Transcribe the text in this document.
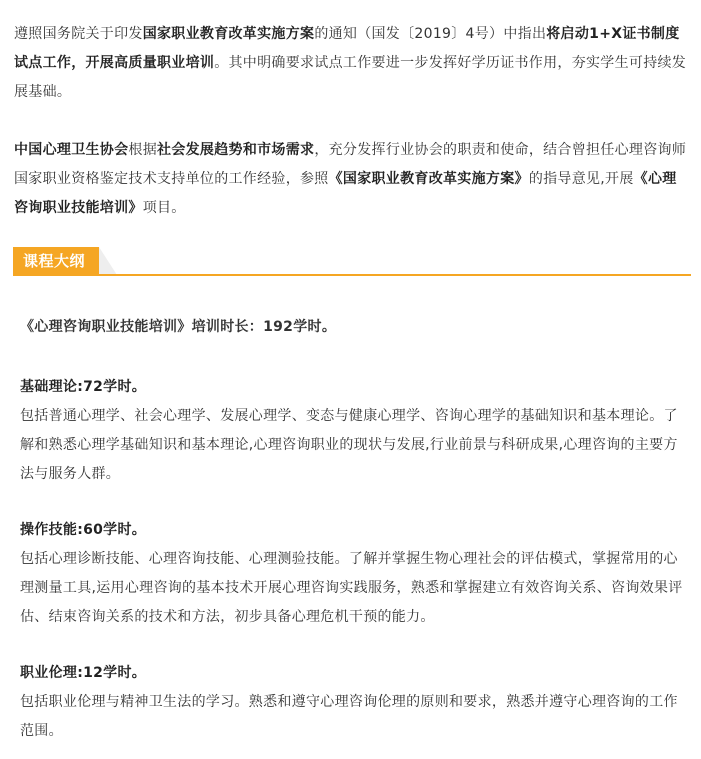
遵照国务院关于印发国家职业教育改革实施方案的通知（国发〔2019〕4号）中指出将启动1+X证书制度试点工作，开展高质量职业培训。其中明确要求试点工作要进一步发挥好学历证书作用，夯实学生可持续发展基础。

中国心理卫生协会根据社会发展趋势和市场需求，充分发挥行业协会的职责和使命，结合曾担任心理咨询师国家职业资格鉴定技术支持单位的工作经验，参照《国家职业教育改革实施方案》的指导意见,开展《心理咨询职业技能培训》项目。

课程大纲
《心理咨询职业技能培训》培训时长：192学时。

基础理论:72学时。

包括普通心理学、社会心理学、发展心理学、变态与健康心理学、咨询心理学的基础知识和基本理论。了解和熟悉心理学基础知识和基本理论,心理咨询职业的现状与发展,行业前景与科研成果,心理咨询的主要方法与服务人群。

操作技能:60学时。

包括心理诊断技能、心理咨询技能、心理测验技能。了解并掌握生物心理社会的评估模式，掌握常用的心理测量工具,运用心理咨询的基本技术开展心理咨询实践服务，熟悉和掌握建立有效咨询关系、咨询效果评估、结束咨询关系的技术和方法，初步具备心理危机干预的能力。

职业伦理:12学时。

包括职业伦理与精神卫生法的学习。熟悉和遵守心理咨询伦理的原则和要求，熟悉并遵守心理咨询的工作范围。
